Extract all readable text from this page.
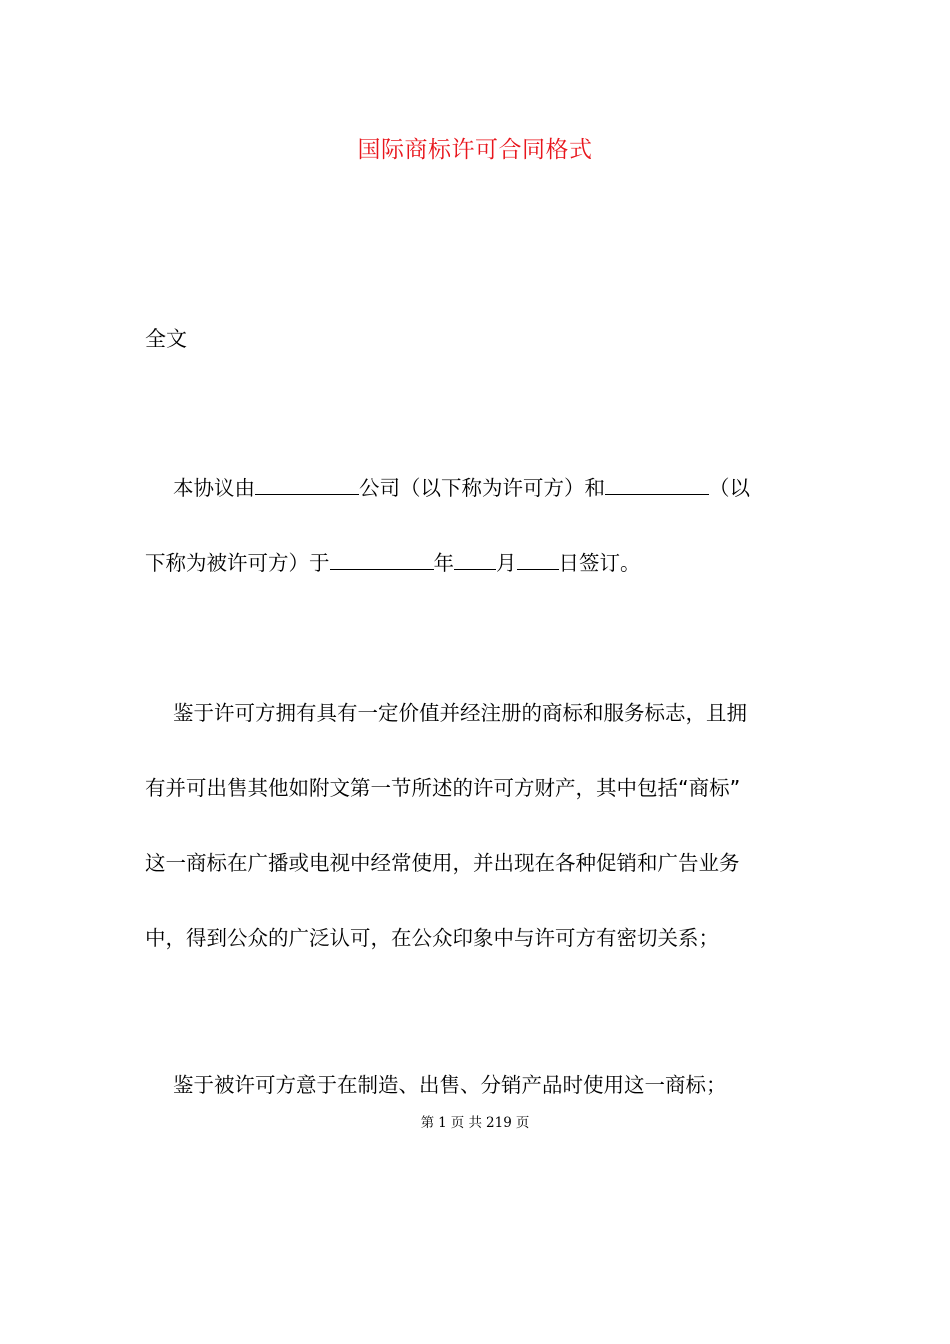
国际商标许可合同格式
全文
本协议由	公司（以下称为许可方）和	（以
下称为被许可方）于	年 月 日签订。
鉴于许可方拥有具有一定价值并经注册的商标和服务标志，且拥
有并可出售其他如附文第一节所述的许可方财产，其中包括“商标”
这一商标在广播或电视中经常使用，并出现在各种促销和广告业务
中，得到公众的广泛认可，在公众印象中与许可方有密切关系；
鉴于被许可方意于在制造、出售、分销产品时使用这一商标；
第 1 页 共 219 页
